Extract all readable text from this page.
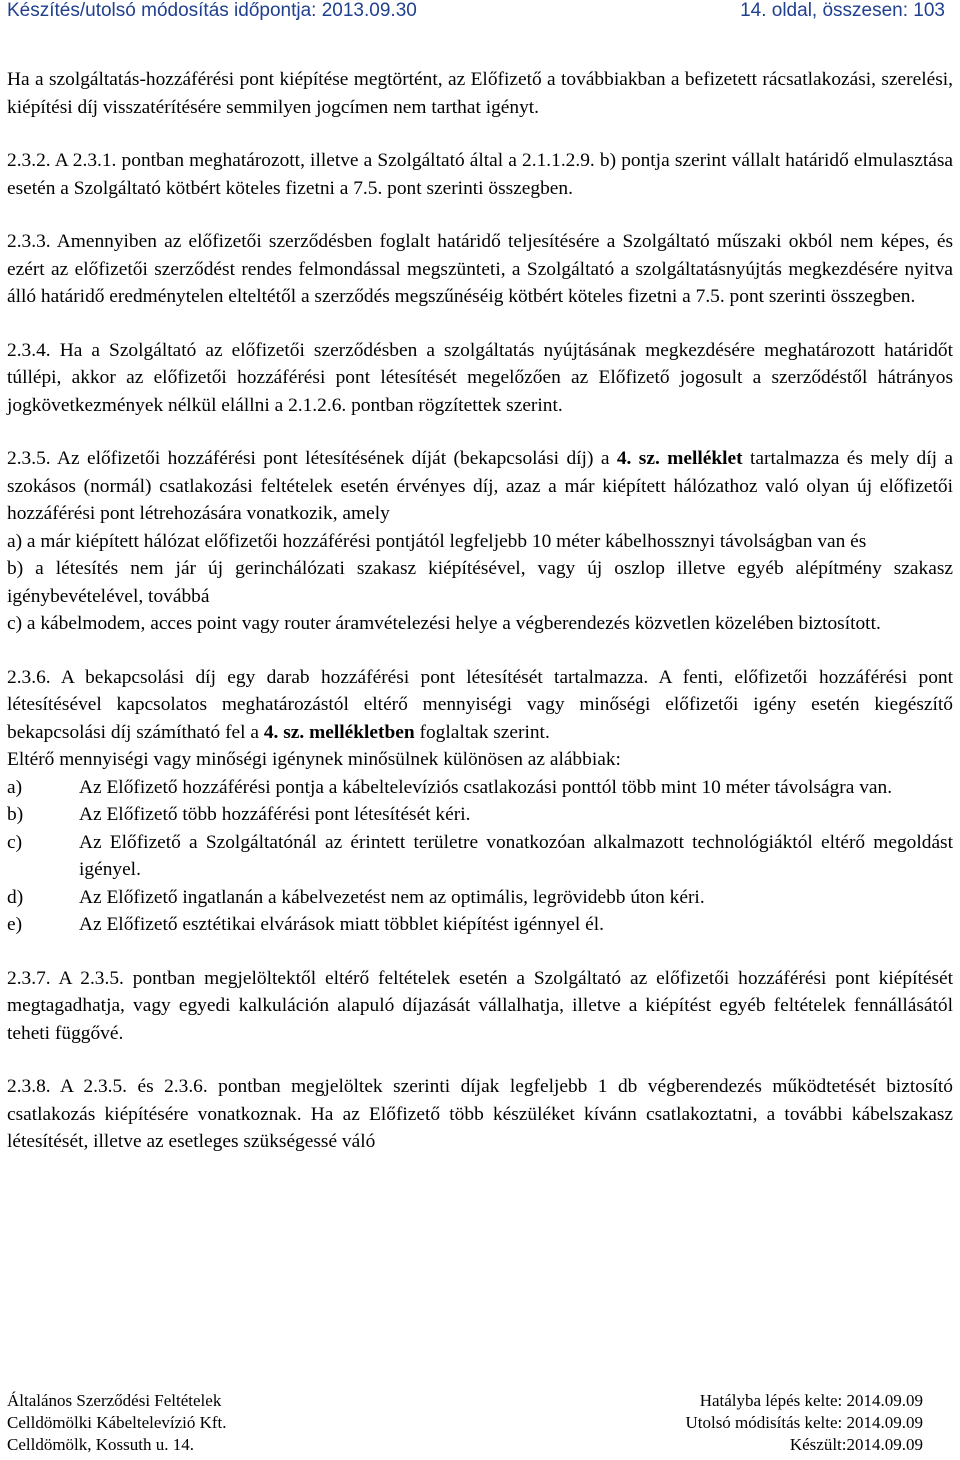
Készítés/utolsó módosítás időpontja: 2013.09.30	14. oldal, összesen: 103

Ha a szolgáltatás-hozzáférési pont kiépítése megtörtént, az Előfizető a továbbiakban a befizetett rácsatlakozási, szerelési, kiépítési díj visszatérítésére semmilyen jogcímen nem tarthat igényt.

2.3.2. A 2.3.1. pontban meghatározott, illetve a Szolgáltató által a 2.1.1.2.9. b) pontja szerint vállalt határidő elmulasztása esetén a Szolgáltató kötbért köteles fizetni a 7.5. pont szerinti összegben.

2.3.3. Amennyiben az előfizetői szerződésben foglalt határidő teljesítésére a Szolgáltató műszaki okból nem képes, és ezért az előfizetői szerződést rendes felmondással megszünteti, a Szolgáltató a szolgáltatásnyújtás megkezdésére nyitva álló határidő eredménytelen elteltétől a szerződés megszűnéséig kötbért köteles fizetni a 7.5. pont szerinti összegben.

2.3.4. Ha a Szolgáltató az előfizetői szerződésben a szolgáltatás nyújtásának megkezdésére meghatározott határidőt túllépi, akkor az előfizetői hozzáférési pont létesítését megelőzően az Előfizető jogosult a szerződéstől hátrányos jogkövetkezmények nélkül elállni a 2.1.2.6. pontban rögzítettek szerint.

2.3.5. Az előfizetői hozzáférési pont létesítésének díját (bekapcsolási díj) a 4. sz. melléklet tartalmazza és mely díj a szokásos (normál) csatlakozási feltételek esetén érvényes díj, azaz a már kiépített hálózathoz való olyan új előfizetői hozzáférési pont létrehozására vonatkozik, amely

a) a már kiépített hálózat előfizetői hozzáférési pontjától legfeljebb 10 méter kábelhossznyi távolságban van és

b) a létesítés nem jár új gerinchálózati szakasz kiépítésével, vagy új oszlop illetve egyéb alépítmény szakasz igénybevételével, továbbá

c) a kábelmodem, acces point vagy router áramvételezési helye a végberendezés közvetlen közelében biztosított.

2.3.6. A bekapcsolási díj egy darab hozzáférési pont létesítését tartalmazza. A fenti, előfizetői hozzáférési pont létesítésével kapcsolatos meghatározástól eltérő mennyiségi vagy minőségi előfizetői igény esetén kiegészítő bekapcsolási díj számítható fel a 4. sz. mellékletben foglaltak szerint.

Eltérő mennyiségi vagy minőségi igénynek minősülnek különösen az alábbiak:

a)	Az Előfizető hozzáférési pontja a kábeltelevíziós csatlakozási ponttól több mint 10 méter távolságra van.
b)	Az Előfizető több hozzáférési pont létesítését kéri.
c)	Az Előfizető a Szolgáltatónál az érintett területre vonatkozóan alkalmazott technológiáktól eltérő megoldást igényel.
d)	Az Előfizető ingatlanán a kábelvezetést nem az optimális, legrövidebb úton kéri.
e)	Az Előfizető esztétikai elvárások miatt többlet kiépítést igénnyel él.

2.3.7. A 2.3.5. pontban megjelöltektől eltérő feltételek esetén a Szolgáltató az előfizetői hozzáférési pont kiépítését megtagadhatja, vagy egyedi kalkuláción alapuló díjazását vállalhatja, illetve a kiépítést egyéb feltételek fennállásától teheti függővé.

2.3.8. A 2.3.5. és 2.3.6. pontban megjelöltek szerinti díjak legfeljebb 1 db végberendezés működtetését biztosító csatlakozás kiépítésére vonatkoznak. Ha az Előfizető több készüléket kívánn csatlakoztatni, a további kábelszakasz létesítését, illetve az esetleges szükségessé váló

Általános Szerződési Feltételek	Hatályba lépés kelte: 2014.09.09
Celldömölki Kábeltelevízió Kft.	Utolsó módisítás kelte: 2014.09.09
Celldömölk, Kossuth u. 14.	Készült:2014.09.09
